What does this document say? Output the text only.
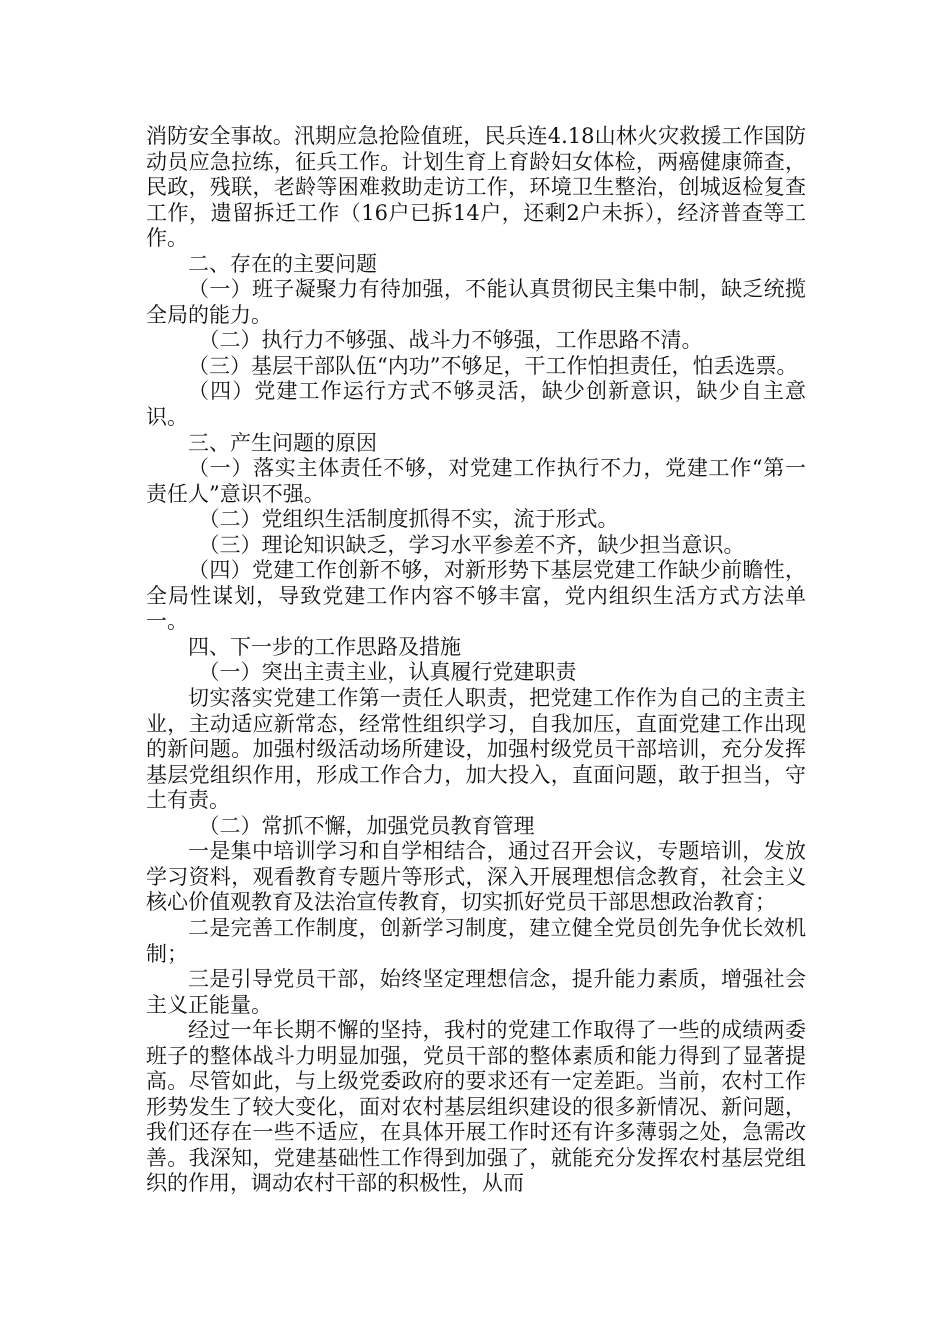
消防安全事故。汛期应急抢险值班，民兵连4.18山林火灾救援工作国防动员应急拉练，征兵工作。计划生育上育龄妇女体检，两癌健康筛查，民政，残联，老龄等困难救助走访工作，环境卫生整治，创城返检复查工作，遗留拆迁工作（16户已拆14户，还剩2户未拆），经济普查等工作。

二、存在的主要问题

（一）班子凝聚力有待加强，不能认真贯彻民主集中制，缺乏统揽全局的能力。

（二）执行力不够强、战斗力不够强，工作思路不清。

（三）基层干部队伍“内功”不够足，干工作怕担责任，怕丢选票。

（四）党建工作运行方式不够灵活，缺少创新意识，缺少自主意识。

三、产生问题的原因

（一）落实主体责任不够，对党建工作执行不力，党建工作“第一责任人”意识不强。

（二）党组织生活制度抓得不实，流于形式。

（三）理论知识缺乏，学习水平参差不齐，缺少担当意识。

（四）党建工作创新不够，对新形势下基层党建工作缺少前瞻性，全局性谋划，导致党建工作内容不够丰富，党内组织生活方式方法单一。

四、下一步的工作思路及措施

（一）突出主责主业，认真履行党建职责

切实落实党建工作第一责任人职责，把党建工作作为自己的主责主业，主动适应新常态，经常性组织学习，自我加压，直面党建工作出现的新问题。加强村级活动场所建设，加强村级党员干部培训，充分发挥基层党组织作用，形成工作合力，加大投入，直面问题，敢于担当，守土有责。

（二）常抓不懈，加强党员教育管理

一是集中培训学习和自学相结合，通过召开会议，专题培训，发放学习资料，观看教育专题片等形式，深入开展理想信念教育，社会主义核心价值观教育及法治宣传教育，切实抓好党员干部思想政治教育；

二是完善工作制度，创新学习制度，建立健全党员创先争优长效机制；

三是引导党员干部，始终坚定理想信念，提升能力素质，增强社会主义正能量。

经过一年长期不懈的坚持，我村的党建工作取得了一些的成绩两委班子的整体战斗力明显加强，党员干部的整体素质和能力得到了显著提高。尽管如此，与上级党委政府的要求还有一定差距。当前，农村工作形势发生了较大变化，面对农村基层组织建设的很多新情况、新问题，我们还存在一些不适应，在具体开展工作时还有许多薄弱之处，急需改善。我深知，党建基础性工作得到加强了，就能充分发挥农村基层党组织的作用，调动农村干部的积极性，从而
